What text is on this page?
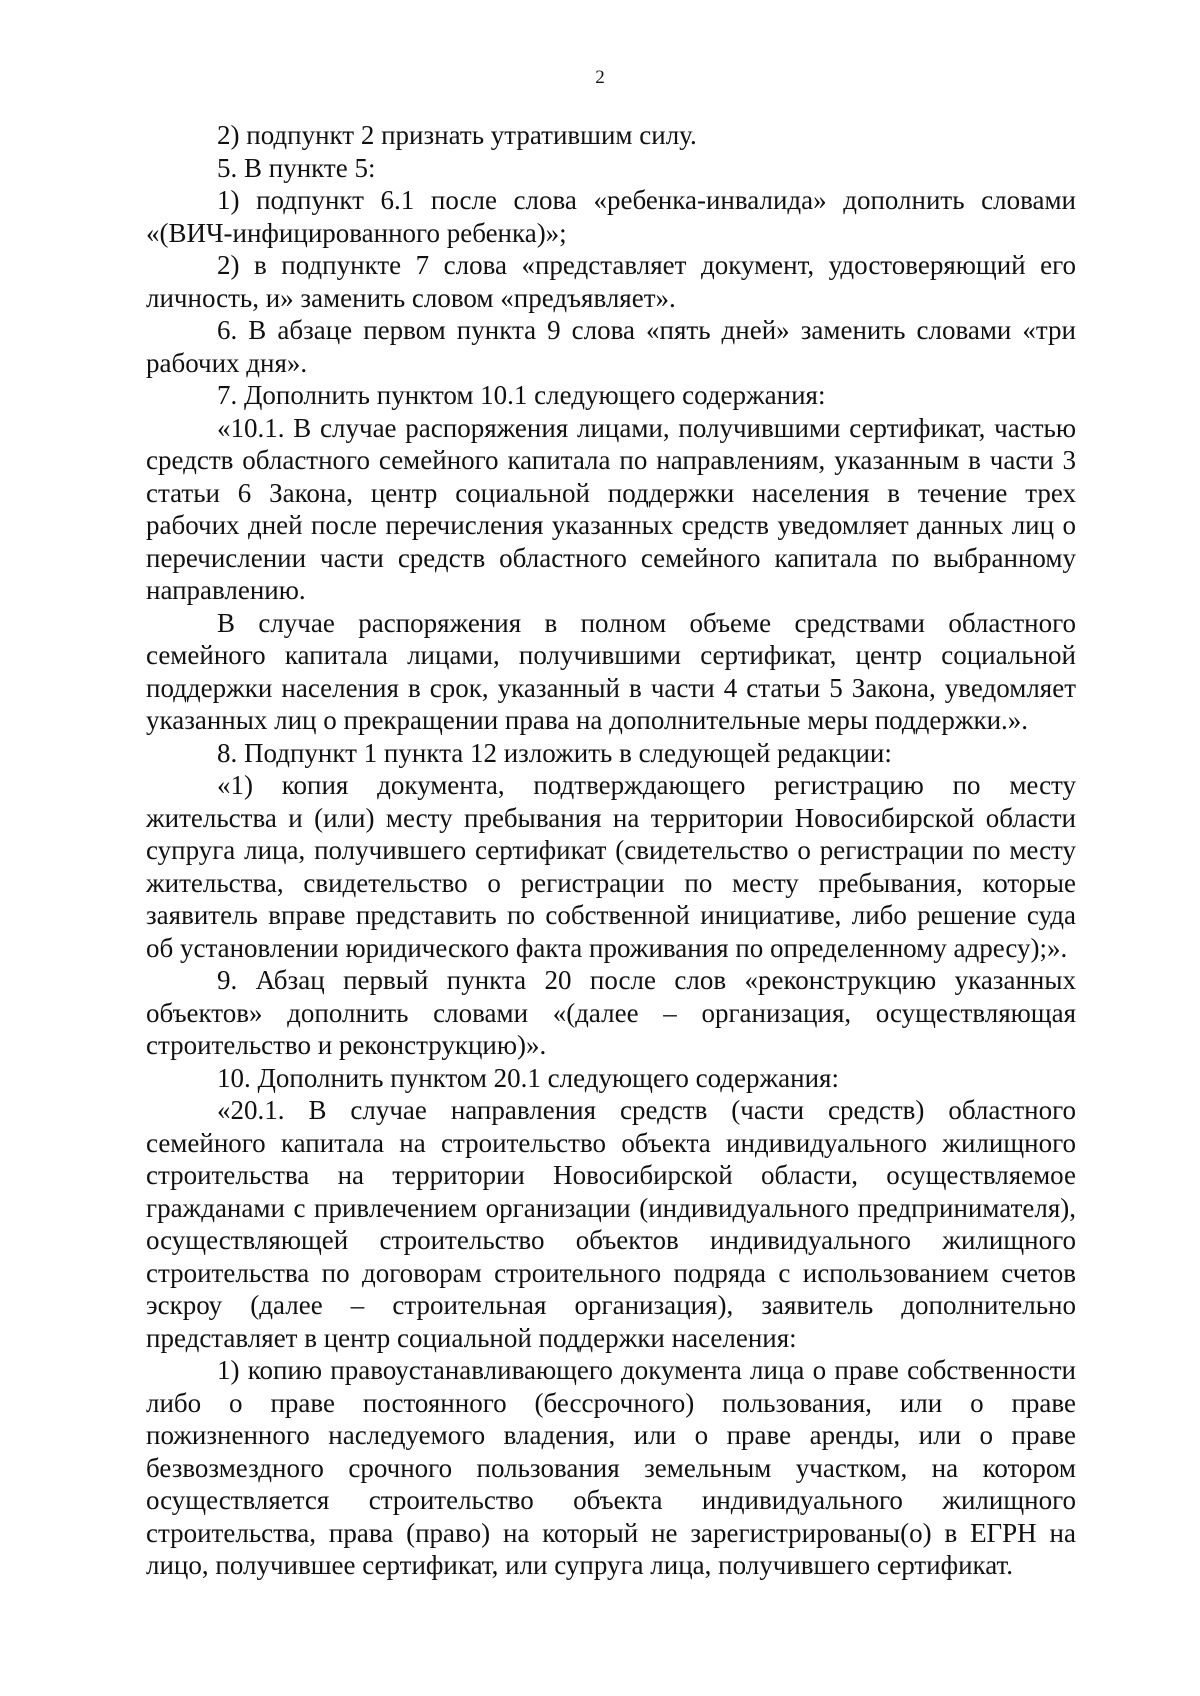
2

2) подпункт 2 признать утратившим силу.

5. В пункте 5:

1) подпункт 6.1 после слова «ребенка-инвалида» дополнить словами «(ВИЧ-инфицированного ребенка)»;

2) в подпункте 7 слова «представляет документ, удостоверяющий его личность, и» заменить словом «предъявляет».

6. В абзаце первом пункта 9 слова «пять дней» заменить словами «три рабочих дня».

7. Дополнить пунктом 10.1 следующего содержания:

«10.1. В случае распоряжения лицами, получившими сертификат, частью средств областного семейного капитала по направлениям, указанным в части 3 статьи 6 Закона, центр социальной поддержки населения в течение трех рабочих дней после перечисления указанных средств уведомляет данных лиц о перечислении части средств областного семейного капитала по выбранному направлению.

В случае распоряжения в полном объеме средствами областного семейного капитала лицами, получившими сертификат, центр социальной поддержки населения в срок, указанный в части 4 статьи 5 Закона, уведомляет указанных лиц о прекращении права на дополнительные меры поддержки.».

8. Подпункт 1 пункта 12 изложить в следующей редакции:

«1) копия документа, подтверждающего регистрацию по месту жительства и (или) месту пребывания на территории Новосибирской области супруга лица, получившего сертификат (свидетельство о регистрации по месту жительства, свидетельство о регистрации по месту пребывания, которые заявитель вправе представить по собственной инициативе, либо решение суда об установлении юридического факта проживания по определенному адресу);».

9. Абзац первый пункта 20 после слов «реконструкцию указанных объектов» дополнить словами «(далее – организация, осуществляющая строительство и реконструкцию)».

10. Дополнить пунктом 20.1 следующего содержания:

«20.1. В случае направления средств (части средств) областного семейного капитала на строительство объекта индивидуального жилищного строительства на территории Новосибирской области, осуществляемое гражданами с привлечением организации (индивидуального предпринимателя), осуществляющей строительство объектов индивидуального жилищного строительства по договорам строительного подряда с использованием счетов эскроу (далее – строительная организация), заявитель дополнительно представляет в центр социальной поддержки населения:

1) копию правоустанавливающего документа лица о праве собственности либо о праве постоянного (бессрочного) пользования, или о праве пожизненного наследуемого владения, или о праве аренды, или о праве безвозмездного срочного пользования земельным участком, на котором осуществляется строительство объекта индивидуального жилищного строительства, права (право) на который не зарегистрированы(о) в ЕГРН на лицо, получившее сертификат, или супруга лица, получившего сертификат.
